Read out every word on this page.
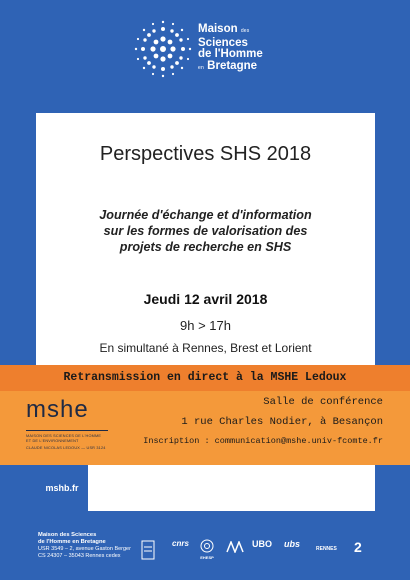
Maison des
Sciences
de l'Homme
en Bretagne
Perspectives SHS 2018
Journée d'échange et d'information
sur les formes de valorisation des
projets de recherche en SHS
Jeudi 12 avril 2018
9h > 17h
En simultané à Rennes, Brest et Lorient
Retransmission en direct à la MSHE Ledoux
mshe
MAISON DES SCIENCES DE L'HOMME
ET DE L'ENVIRONNEMENT
CLAUDE NICOLAS LEDOUX — USR 3124
Salle de conférence
1 rue Charles Nodier, à Besançon
Inscription : communication@mshe.univ-fcomte.fr
mshb.fr
Maison des Sciences
de l'Homme en Bretagne
USR 3549 – 2, avenue Gaston Berger
CS 24307 – 35043 Rennes cedex
cnrs
EHESP
UBO ubs	RENNES 2
